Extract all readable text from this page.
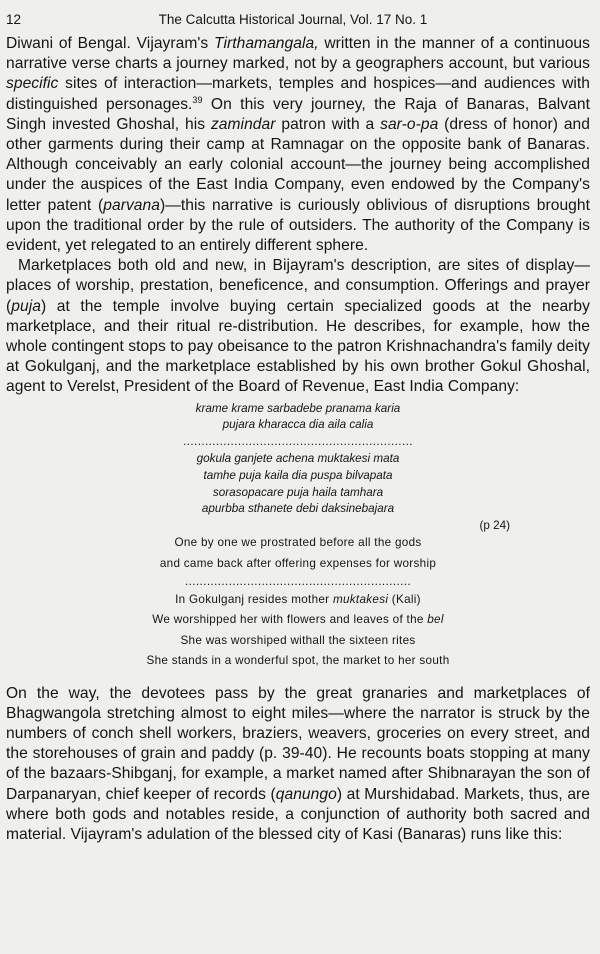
12	The Calcutta Historical Journal, Vol. 17 No. 1

Diwani of Bengal. Vijayram's Tirthamangala, written in the manner of a continuous narrative verse charts a journey marked, not by a geographers account, but various specific sites of interaction—markets, temples and hospices—and audiences with distinguished personages.$^{39}$ On this very journey, the Raja of Banaras, Balvant Singh invested Ghoshal, his zamindar patron with a sar-o-pa (dress of honor) and other garments during their camp at Ramnagar on the opposite bank of Banaras. Although conceivably an early colonial account—the journey being accomplished under the auspices of the East India Company, even endowed by the Company's letter patent (parvana)—this narrative is curiously oblivious of disruptions brought upon the traditional order by the rule of outsiders. The authority of the Company is evident, yet relegated to an entirely different sphere.

Marketplaces both old and new, in Bijayram's description, are sites of display—places of worship, prestation, beneficence, and consumption. Offerings and prayer (puja) at the temple involve buying certain specialized goods at the nearby marketplace, and their ritual re-distribution. He describes, for example, how the whole contingent stops to pay obeisance to the patron Krishnachandra's family deity at Gokulganj, and the marketplace established by his own brother Gokul Ghoshal, agent to Verelst, President of the Board of Revenue, East India Company:

krame krame sarbadebe pranama karia
pujara kharacca dia aila calia
...............................................................
gokula ganjete achena muktakesi mata
tamhe puja kaila dia puspa bilvapata
sorasopacare puja haila tamhara
apurbba sthanete debi daksinebajara
(p 24)
One by one we prostrated before all the gods
and came back after offering expenses for worship
..............................................................
In Gokulganj resides mother muktakesi (Kali)
We worshipped her with flowers and leaves of the bel
She was worshiped withall the sixteen rites
She stands in a wonderful spot, the market to her south

On the way, the devotees pass by the great granaries and marketplaces of Bhagwangola stretching almost to eight miles—where the narrator is struck by the numbers of conch shell workers, braziers, weavers, groceries on every street, and the storehouses of grain and paddy (p. 39-40). He recounts boats stopping at many of the bazaars-Shibganj, for example, a market named after Shibnarayan the son of Darpanaryan, chief keeper of records (qanungo) at Murshidabad. Markets, thus, are where both gods and notables reside, a conjunction of authority both sacred and material. Vijayram's adulation of the blessed city of Kasi (Banaras) runs like this:
